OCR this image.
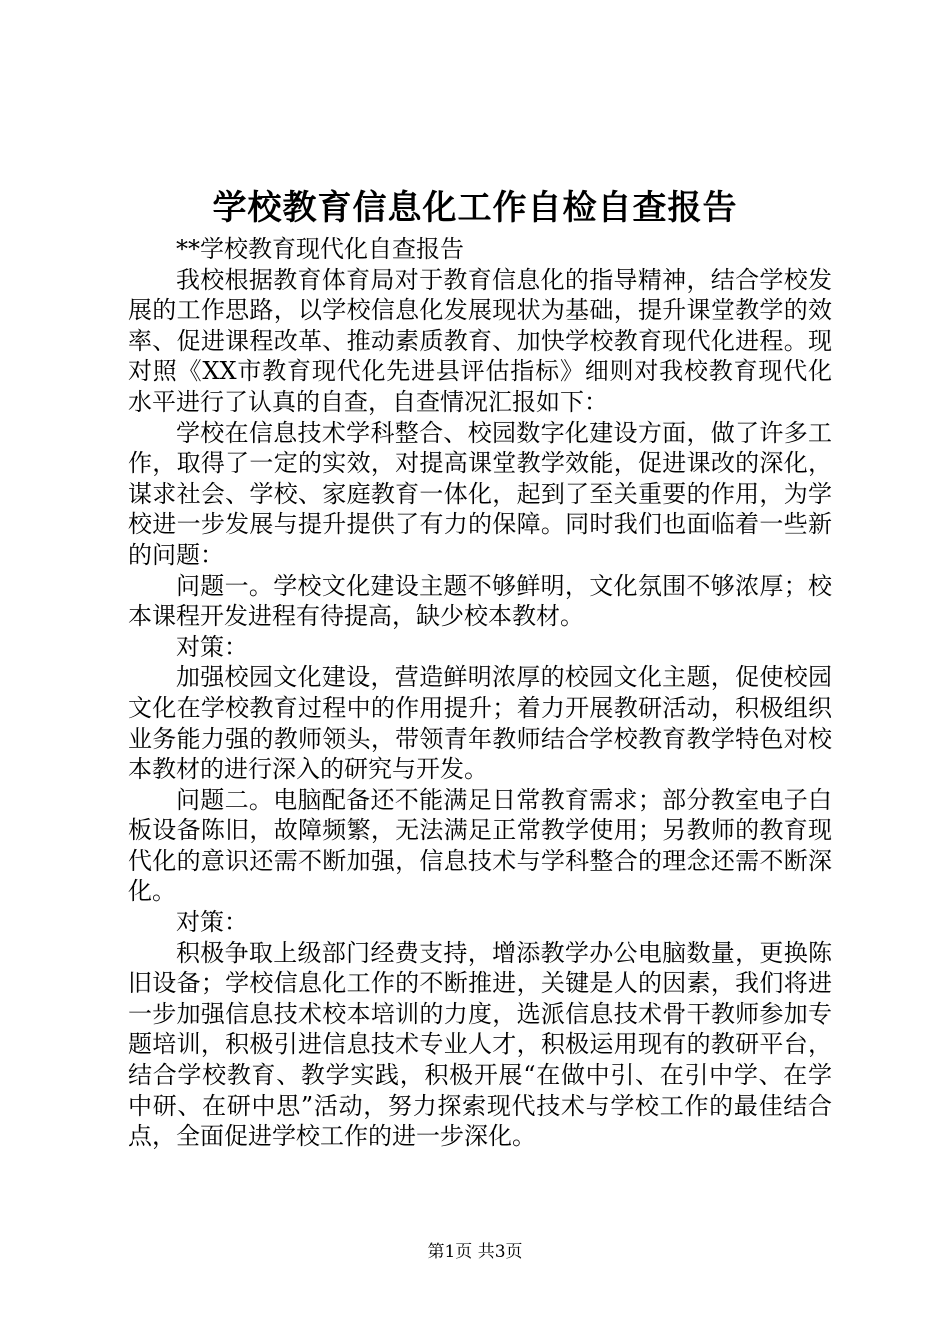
学校教育信息化工作自检自查报告

**学校教育现代化自查报告

我校根据教育体育局对于教育信息化的指导精神，结合学校发展的工作思路，以学校信息化发展现状为基础，提升课堂教学的效率、促进课程改革、推动素质教育、加快学校教育现代化进程。现对照《XX市教育现代化先进县评估指标》细则对我校教育现代化水平进行了认真的自查，自查情况汇报如下：

学校在信息技术学科整合、校园数字化建设方面，做了许多工作，取得了一定的实效，对提高课堂教学效能，促进课改的深化，谋求社会、学校、家庭教育一体化，起到了至关重要的作用，为学校进一步发展与提升提供了有力的保障。同时我们也面临着一些新的问题：

问题一。学校文化建设主题不够鲜明，文化氛围不够浓厚；校本课程开发进程有待提高，缺少校本教材。

对策：

加强校园文化建设，营造鲜明浓厚的校园文化主题，促使校园文化在学校教育过程中的作用提升；着力开展教研活动，积极组织业务能力强的教师领头，带领青年教师结合学校教育教学特色对校本教材的进行深入的研究与开发。

问题二。电脑配备还不能满足日常教育需求；部分教室电子白板设备陈旧，故障频繁，无法满足正常教学使用；另教师的教育现代化的意识还需不断加强，信息技术与学科整合的理念还需不断深化。

对策：

积极争取上级部门经费支持，增添教学办公电脑数量，更换陈旧设备；学校信息化工作的不断推进，关键是人的因素，我们将进一步加强信息技术校本培训的力度，选派信息技术骨干教师参加专题培训，积极引进信息技术专业人才，积极运用现有的教研平台，结合学校教育、教学实践，积极开展“在做中引、在引中学、在学中研、在研中思”活动，努力探索现代技术与学校工作的最佳结合点，全面促进学校工作的进一步深化。

第1页 共3页
